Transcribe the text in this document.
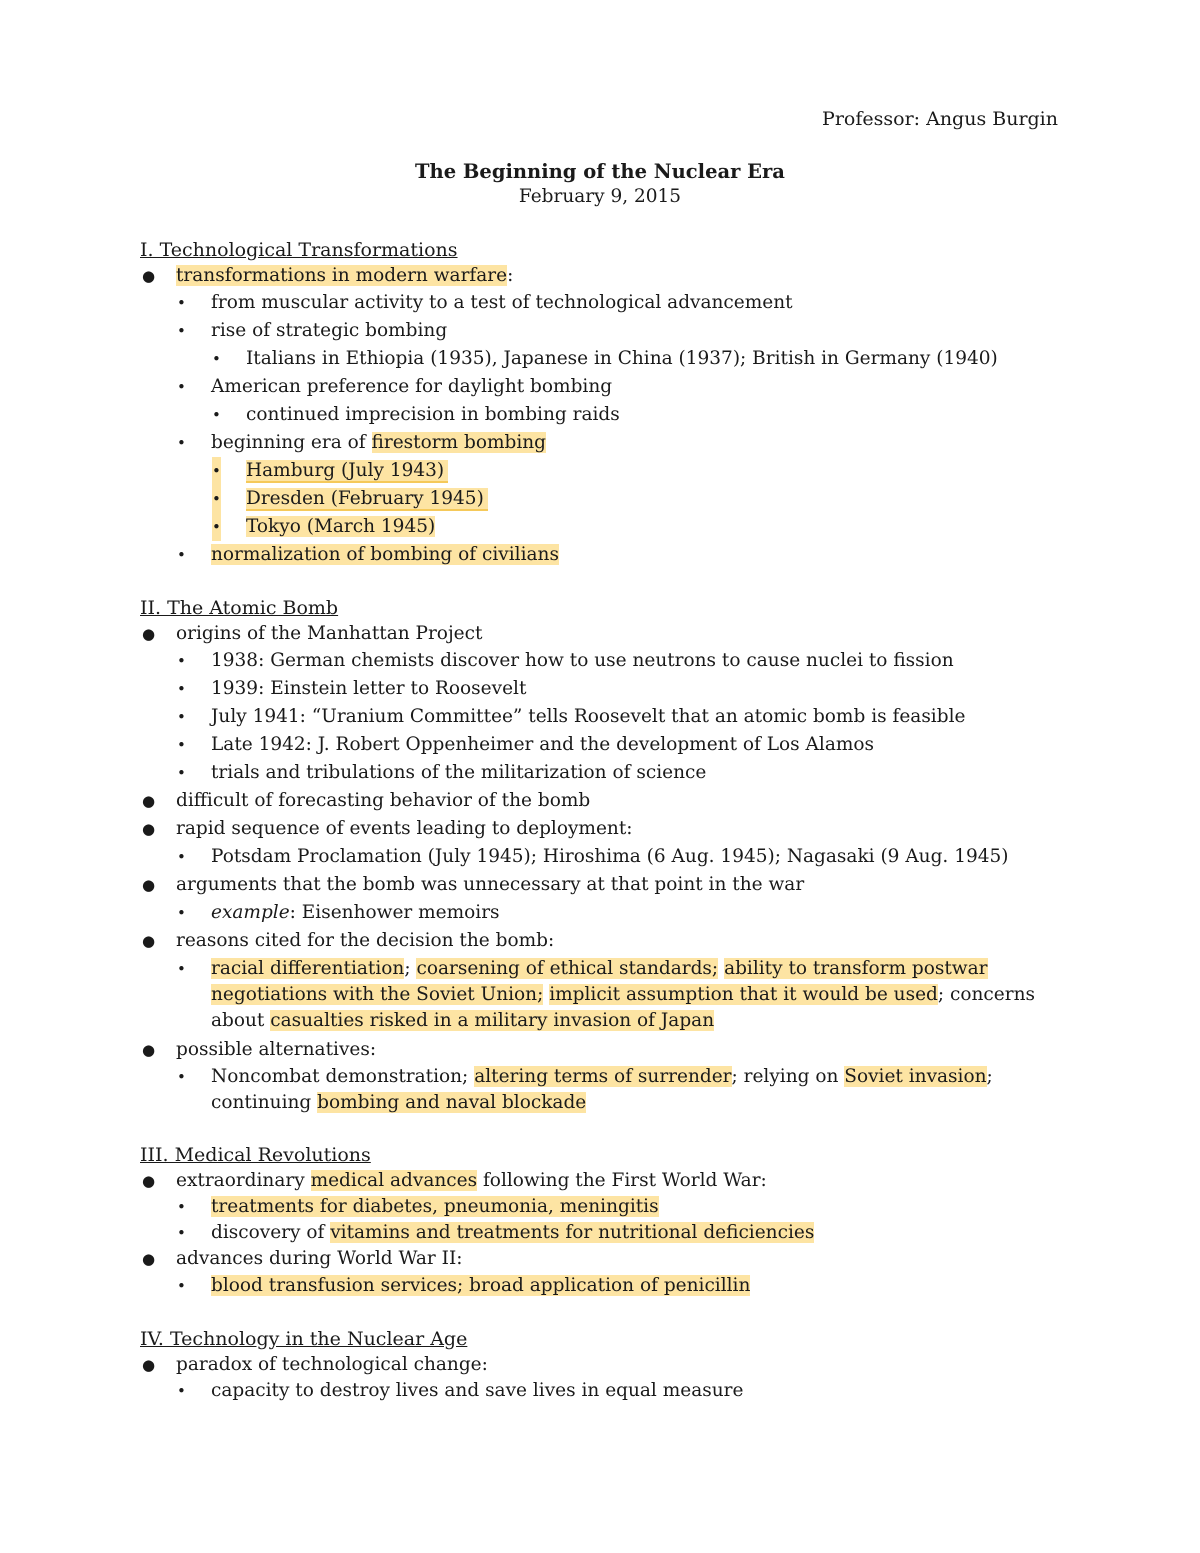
Professor: Angus Burgin
The Beginning of the Nuclear Era
February 9, 2015
I. Technological Transformations
● transformations in modern warfare:
• from muscular activity to a test of technological advancement
• rise of strategic bombing
• Italians in Ethiopia (1935), Japanese in China (1937); British in Germany (1940)
• American preference for daylight bombing
• continued imprecision in bombing raids
• beginning era of firestorm bombing
• Hamburg (July 1943)
• Dresden (February 1945)
• Tokyo (March 1945)
• normalization of bombing of civilians
II. The Atomic Bomb
● origins of the Manhattan Project
• 1938: German chemists discover how to use neutrons to cause nuclei to fission
• 1939: Einstein letter to Roosevelt
• July 1941: “Uranium Committee” tells Roosevelt that an atomic bomb is feasible
• Late 1942: J. Robert Oppenheimer and the development of Los Alamos
• trials and tribulations of the militarization of science
● difficult of forecasting behavior of the bomb
● rapid sequence of events leading to deployment:
• Potsdam Proclamation (July 1945); Hiroshima (6 Aug. 1945); Nagasaki (9 Aug. 1945)
● arguments that the bomb was unnecessary at that point in the war
• example: Eisenhower memoirs
● reasons cited for the decision the bomb:
• racial differentiation; coarsening of ethical standards; ability to transform postwar negotiations with the Soviet Union; implicit assumption that it would be used; concerns about casualties risked in a military invasion of Japan
● possible alternatives:
• Noncombat demonstration; altering terms of surrender; relying on Soviet invasion; continuing bombing and naval blockade
III. Medical Revolutions
● extraordinary medical advances following the First World War:
• treatments for diabetes, pneumonia, meningitis
• discovery of vitamins and treatments for nutritional deficiencies
● advances during World War II:
• blood transfusion services; broad application of penicillin
IV. Technology in the Nuclear Age
● paradox of technological change:
• capacity to destroy lives and save lives in equal measure
